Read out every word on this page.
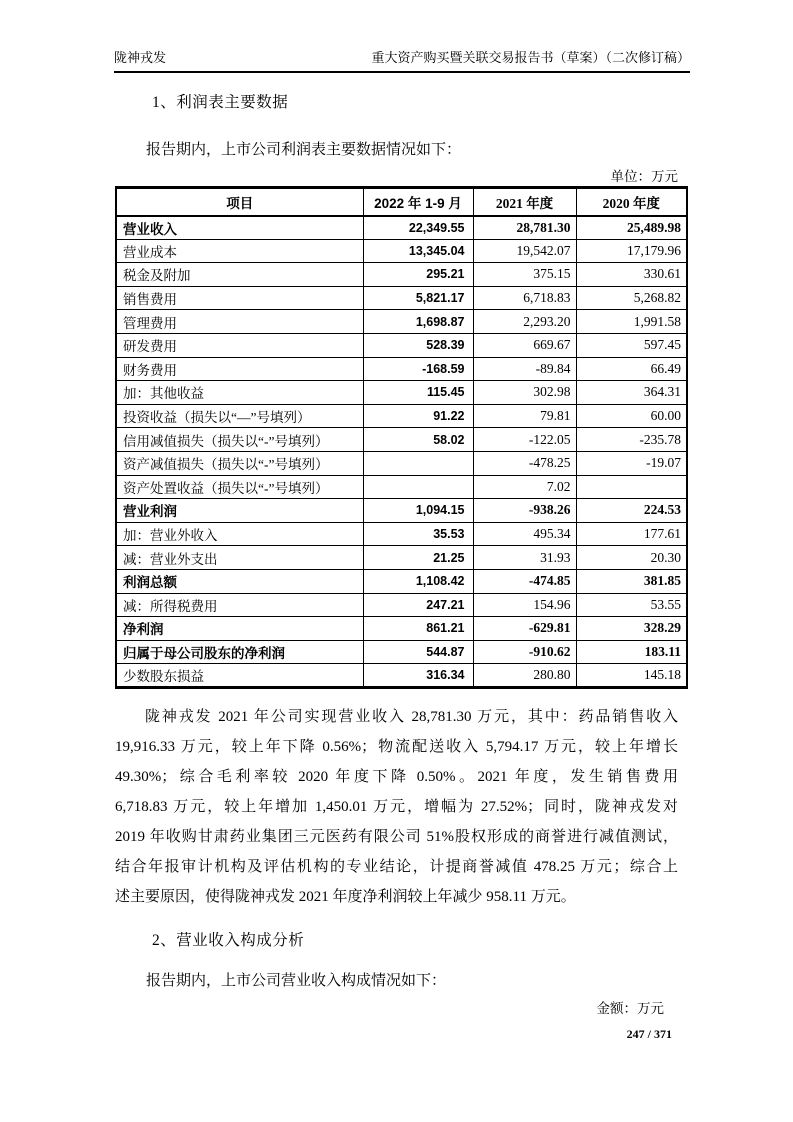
陇神戎发	重大资产购买暨关联交易报告书（草案）（二次修订稿）
1、利润表主要数据
报告期内，上市公司利润表主要数据情况如下：
单位：万元
项目	2022 年 1-9 月	2021 年度	2020 年度
营业收入	22,349.55	28,781.30	25,489.98
营业成本	13,345.04	19,542.07	17,179.96
税金及附加	295.21	375.15	330.61
销售费用	5,821.17	6,718.83	5,268.82
管理费用	1,698.87	2,293.20	1,991.58
研发费用	528.39	669.67	597.45
财务费用	-168.59	-89.84	66.49
加：其他收益	115.45	302.98	364.31
投资收益（损失以“—”号填列）	91.22	79.81	60.00
信用减值损失（损失以“-”号填列）	58.02	-122.05	-235.78
资产减值损失（损失以“-”号填列）		-478.25	-19.07
资产处置收益（损失以“-”号填列）		7.02	
营业利润	1,094.15	-938.26	224.53
加：营业外收入	35.53	495.34	177.61
减：营业外支出	21.25	31.93	20.30
利润总额	1,108.42	-474.85	381.85
减：所得税费用	247.21	154.96	53.55
净利润	861.21	-629.81	328.29
归属于母公司股东的净利润	544.87	-910.62	183.11
少数股东损益	316.34	280.80	145.18
陇神戎发 2021 年公司实现营业收入 28,781.30 万元，其中：药品销售收入
19,916.33 万元，较上年下降 0.56%；物流配送收入 5,794.17 万元，较上年增长
49.30%；综合毛利率较 2020 年度下降 0.50%。2021 年度，发生销售费用
6,718.83 万元，较上年增加 1,450.01 万元，增幅为 27.52%；同时，陇神戎发对
2019 年收购甘肃药业集团三元医药有限公司 51%股权形成的商誉进行减值测试，
结合年报审计机构及评估机构的专业结论，计提商誉减值 478.25 万元；综合上
述主要原因，使得陇神戎发 2021 年度净利润较上年减少 958.11 万元。
2、营业收入构成分析
报告期内，上市公司营业收入构成情况如下：
金额：万元
247 / 371
